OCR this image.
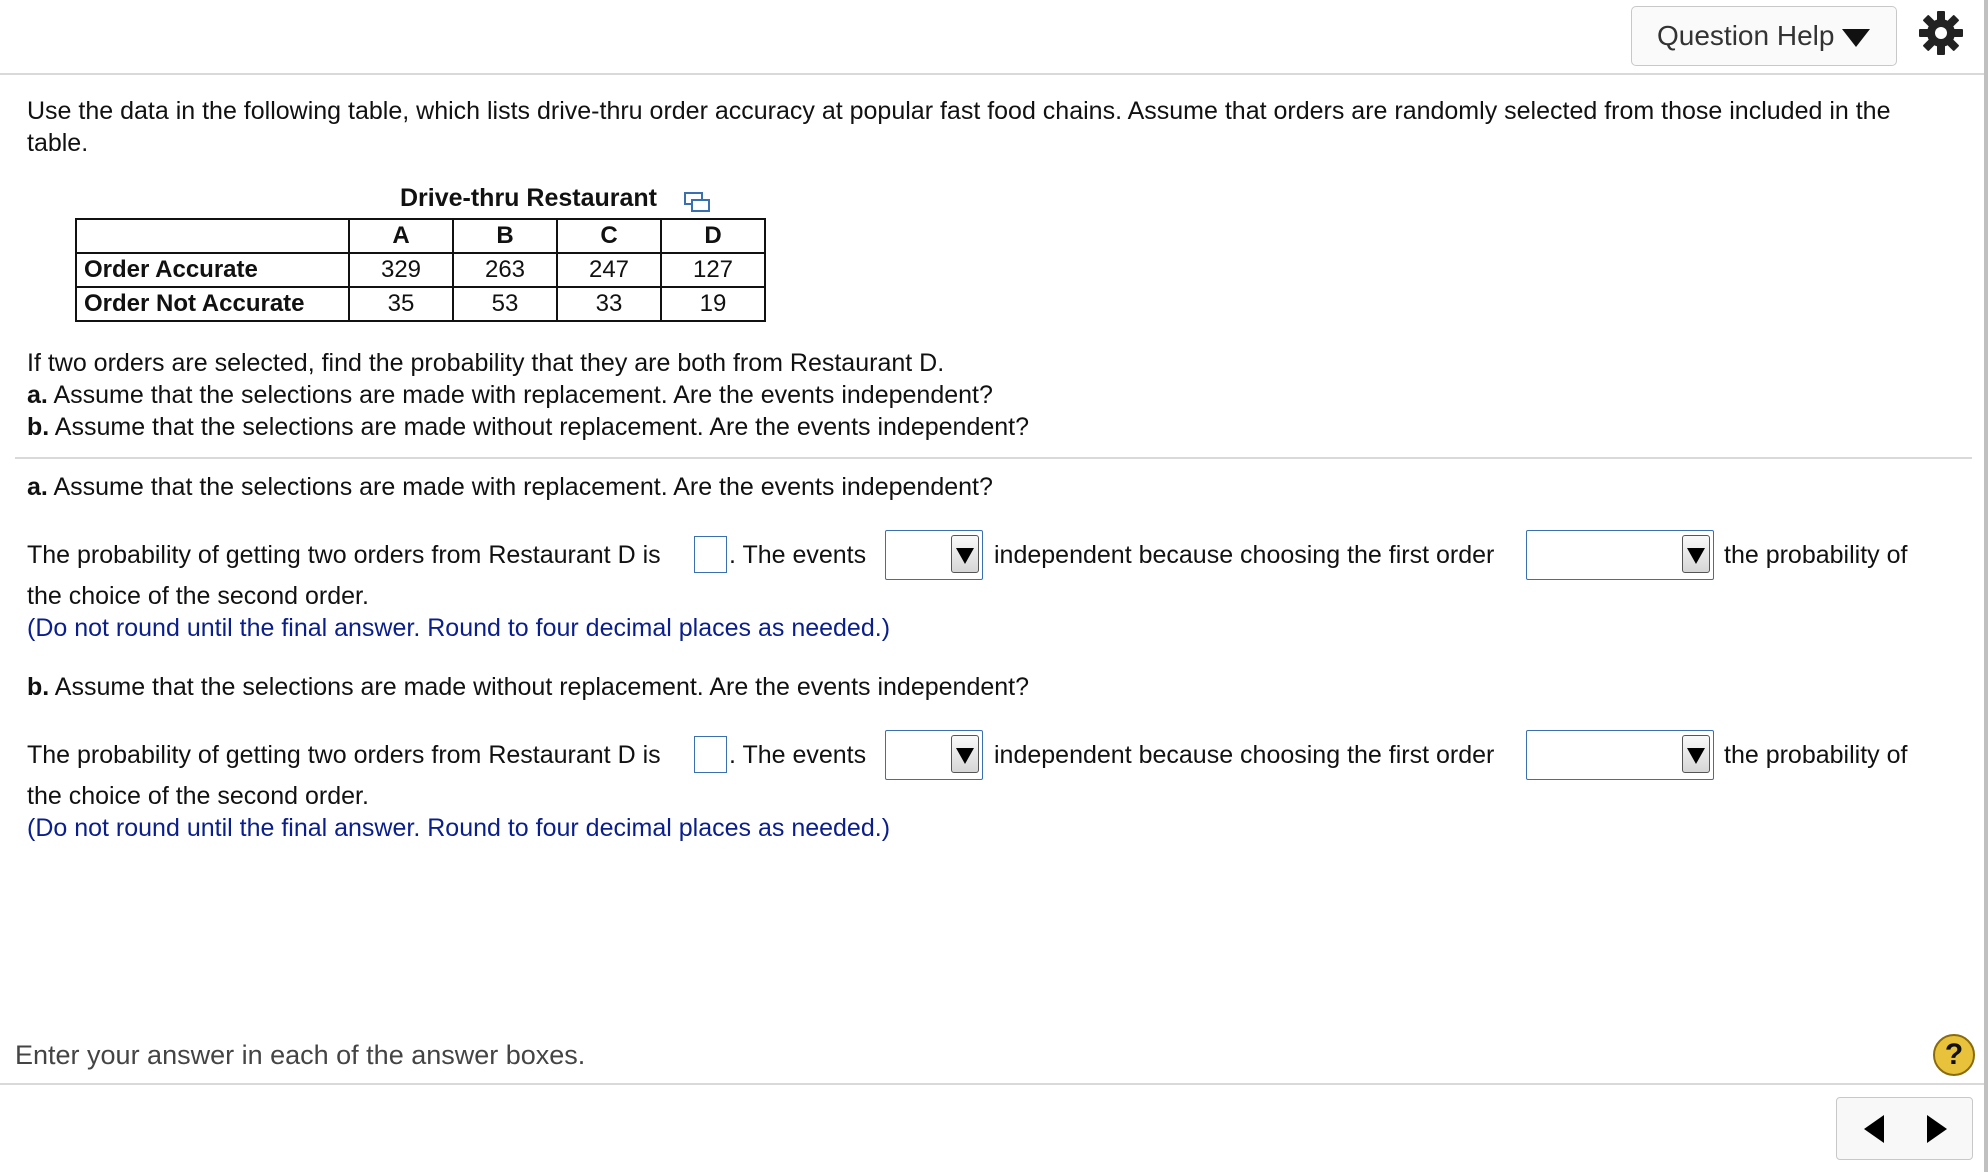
Question Help
Use the data in the following table, which lists drive-thru order accuracy at popular fast food chains. Assume that orders are randomly selected from those included in the table.
Drive-thru Restaurant
	A	B	C	D
Order Accurate	329	263	247	127
Order Not Accurate	35	53	33	19
If two orders are selected, find the probability that they are both from Restaurant D.
a. Assume that the selections are made with replacement. Are the events independent?
b. Assume that the selections are made without replacement. Are the events independent?
a. Assume that the selections are made with replacement. Are the events independent?
The probability of getting two orders from Restaurant D is	. The events	independent because choosing the first order	the probability of
the choice of the second order.
(Do not round until the final answer. Round to four decimal places as needed.)
b. Assume that the selections are made without replacement. Are the events independent?
The probability of getting two orders from Restaurant D is	. The events	independent because choosing the first order	the probability of
the choice of the second order.
(Do not round until the final answer. Round to four decimal places as needed.)
Enter your answer in each of the answer boxes.	?
